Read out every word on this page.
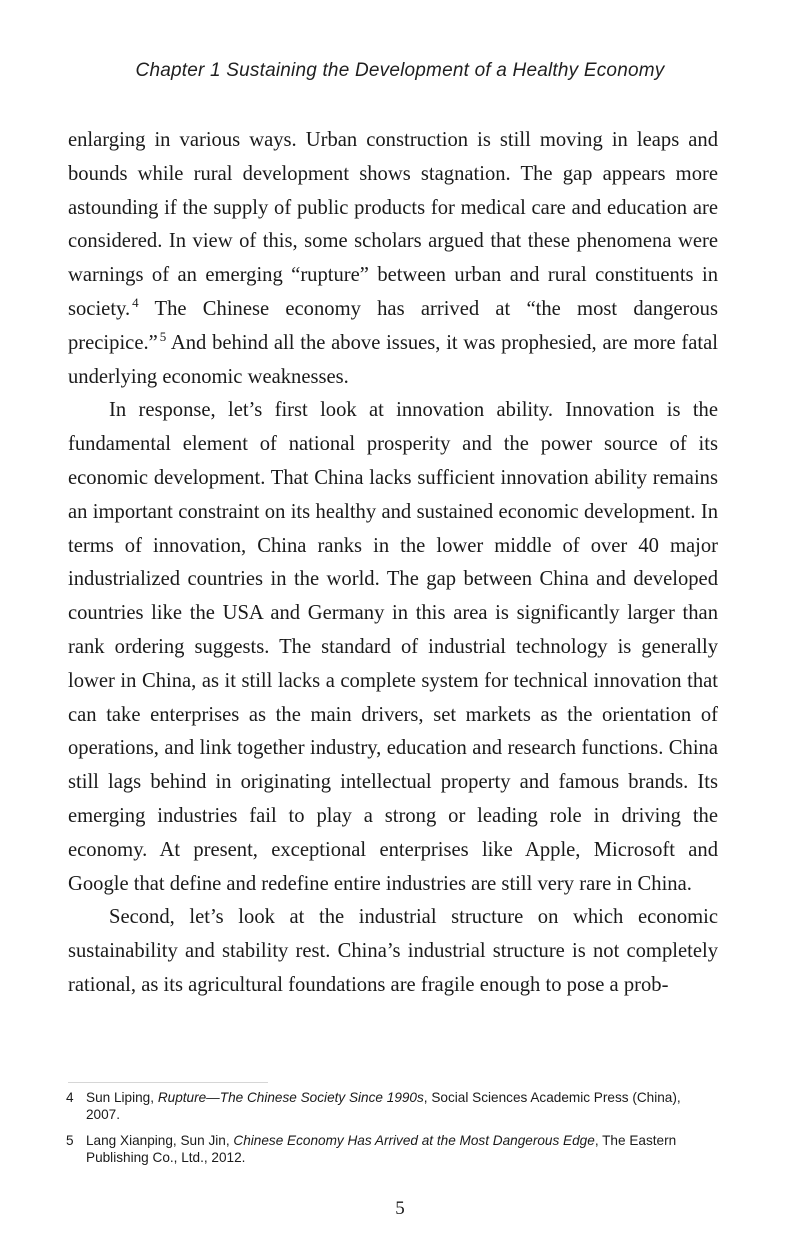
Chapter 1 Sustaining the Development of a Healthy Economy

enlarging in various ways. Urban construction is still moving in leaps and bounds while rural development shows stagnation. The gap appears more astounding if the supply of public products for medical care and education are considered. In view of this, some scholars argued that these phenomena were warnings of an emerging “rupture” between urban and rural constituents in society. $^4$ The Chinese economy has arrived at “the most dangerous precipice.” $^5$ And behind all the above issues, it was prophesied, are more fatal underlying economic weaknesses.

In response, let’s first look at innovation ability. Innovation is the fundamental element of national prosperity and the power source of its economic development. That China lacks sufficient innovation ability remains an important constraint on its healthy and sustained economic development. In terms of innovation, China ranks in the lower middle of over 40 major industrialized countries in the world. The gap between China and developed countries like the USA and Germany in this area is significantly larger than rank ordering suggests. The standard of industrial technology is generally lower in China, as it still lacks a complete system for technical innovation that can take enterprises as the main drivers, set markets as the orientation of operations, and link together industry, education and research functions. China still lags behind in originating intellectual property and famous brands. Its emerging industries fail to play a strong or leading role in driving the economy. At present, exceptional enterprises like Apple, Microsoft and Google that define and redefine entire industries are still very rare in China.

Second, let’s look at the industrial structure on which economic sustainability and stability rest. China’s industrial structure is not completely rational, as its agricultural foundations are fragile enough to pose a prob-

4 Sun Liping, Rupture—The Chinese Society Since 1990s, Social Sciences Academic Press (China), 2007.
5 Lang Xianping, Sun Jin, Chinese Economy Has Arrived at the Most Dangerous Edge, The Eastern Publishing Co., Ltd., 2012.
5
